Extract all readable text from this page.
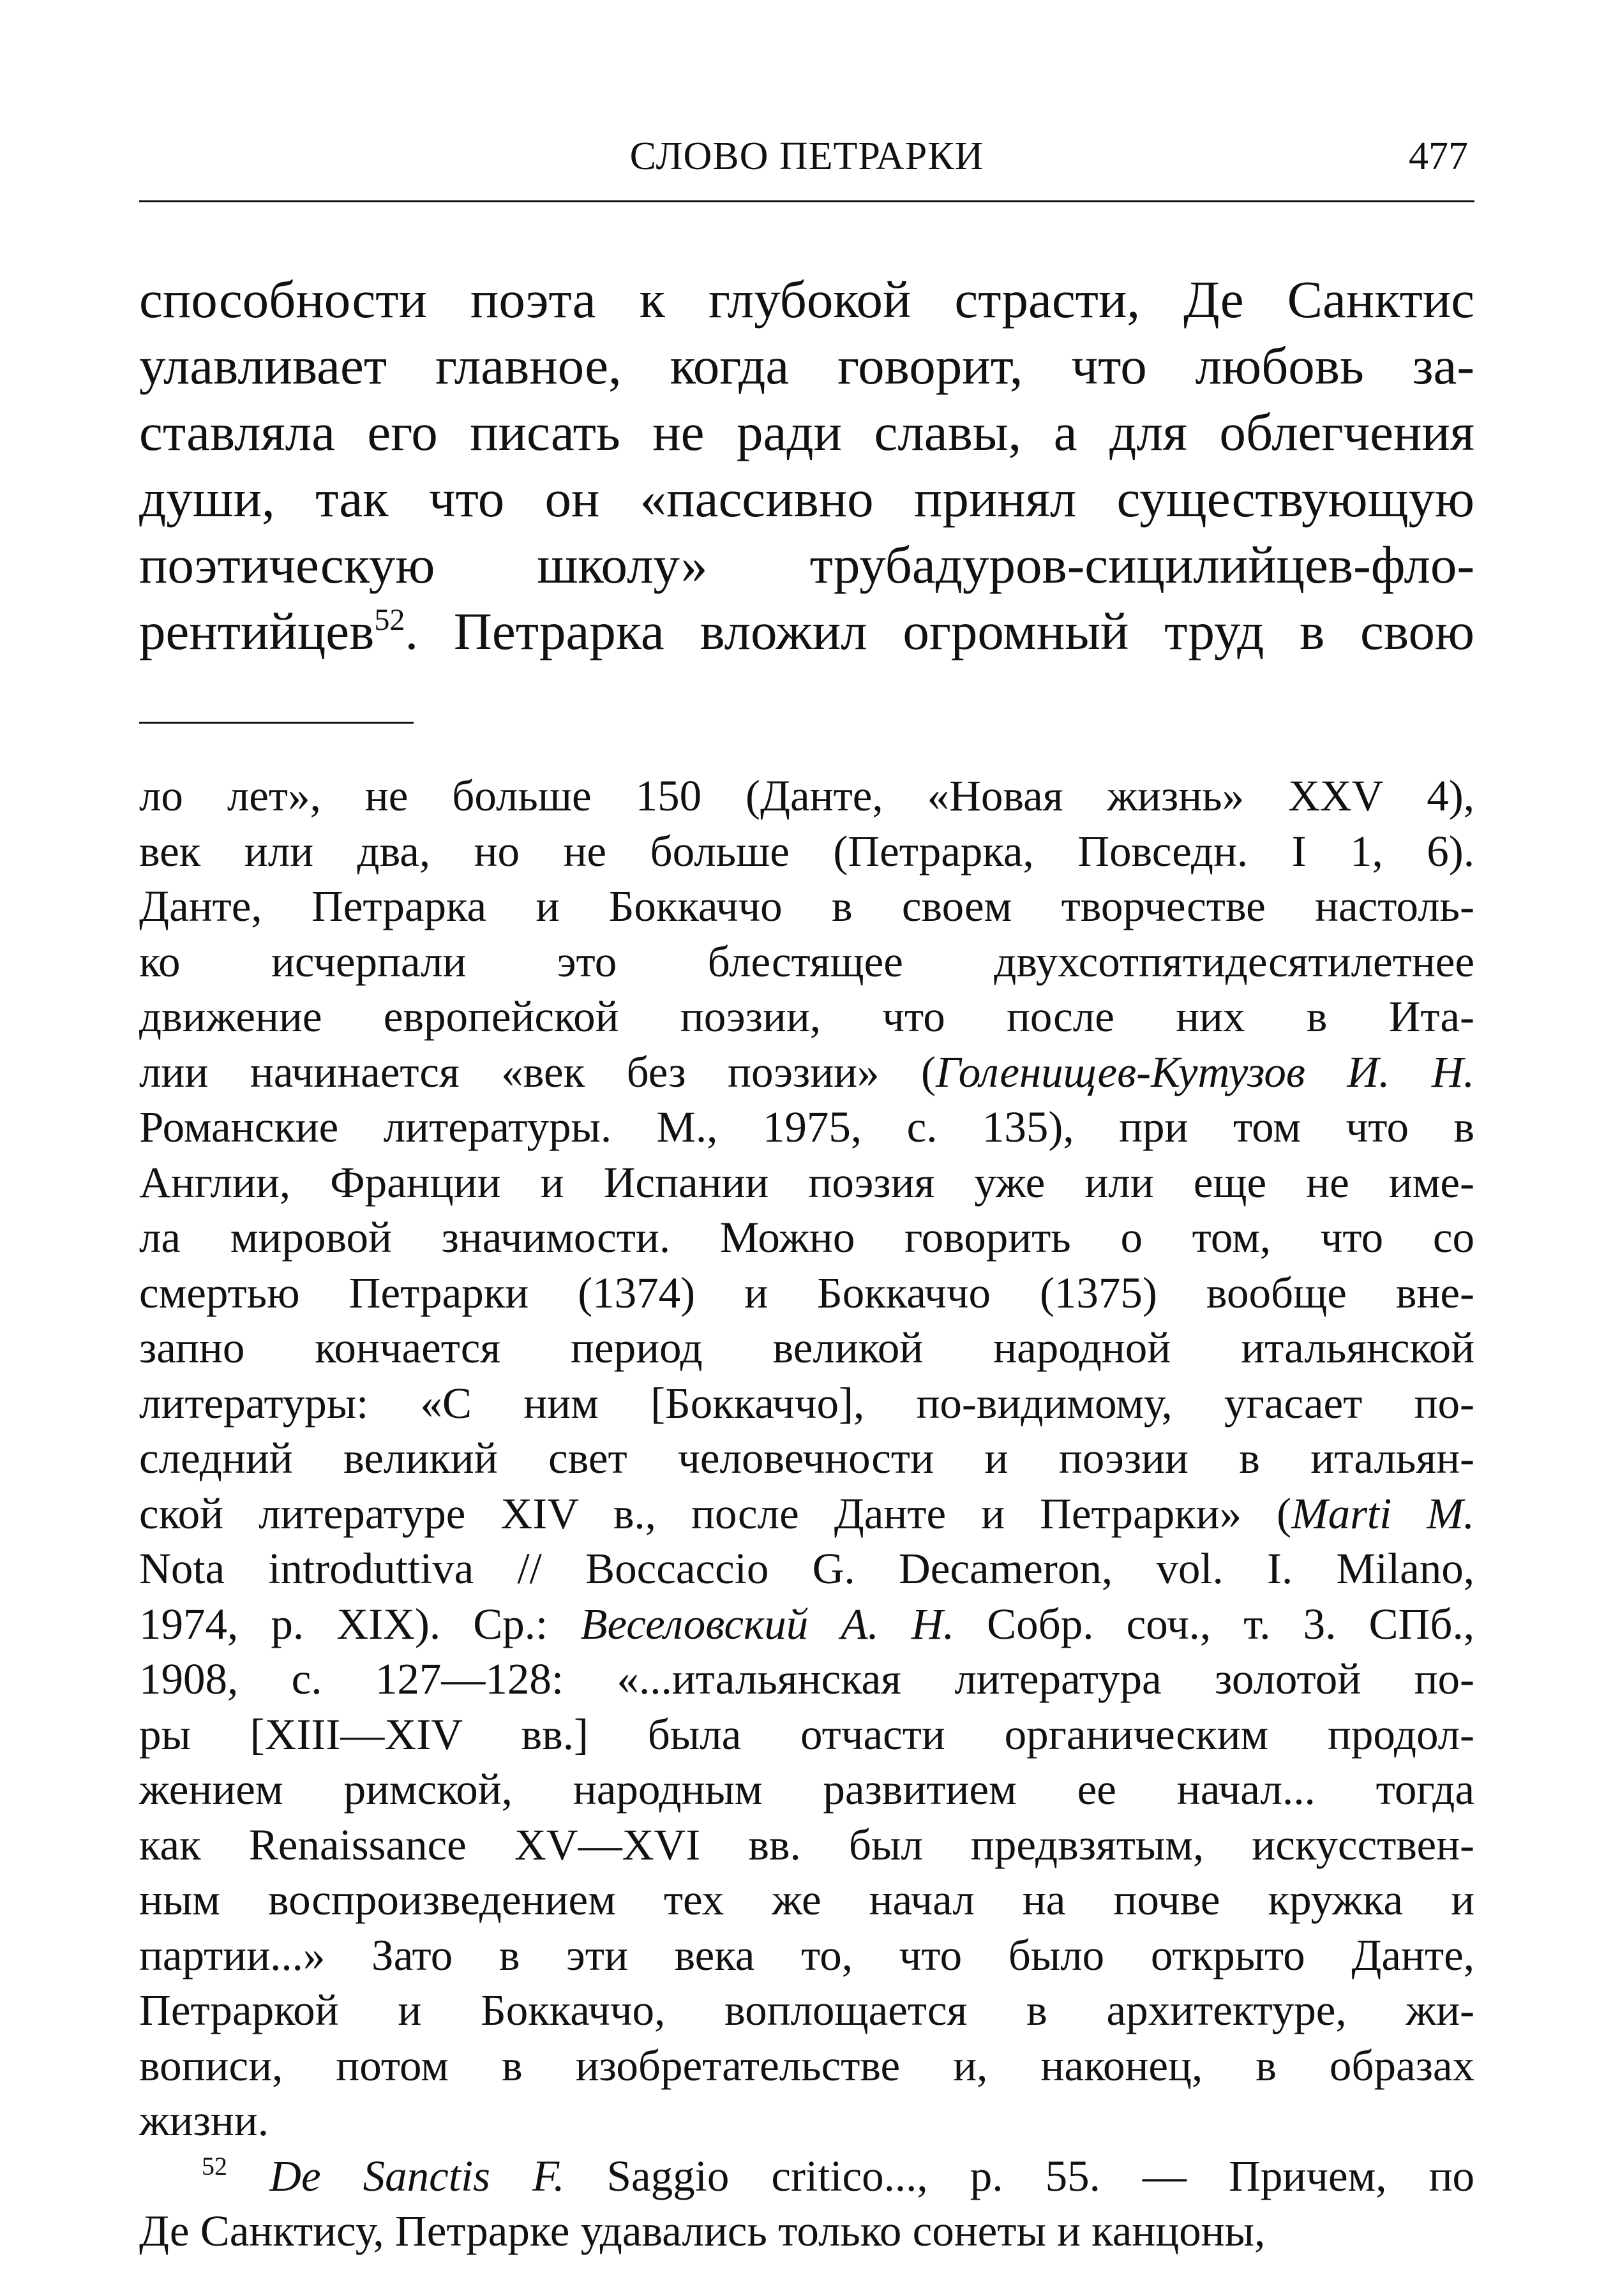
СЛОВО ПЕТРАРКИ	477
способности поэта к глубокой страсти, Де Санктис
улавливает главное, когда говорит, что любовь за-
ставляла его писать не ради славы, а для облегчения
души, так что он «пассивно принял существующую
поэтическую школу» трубадуров-сицилийцев-фло-
рентийцев$^{52}$. Петрарка вложил огромный труд в свою
ло лет», не больше 150 (Данте, «Новая жизнь» XXV 4),
век или два, но не больше (Петрарка, Повседн. I 1, 6).
Данте, Петрарка и Боккаччо в своем творчестве настоль-
ко исчерпали это блестящее двухсотпятидесятилетнее
движение европейской поэзии, что после них в Ита-
лии начинается «век без поэзии» (Голенищев-Кутузов И. Н.
Романские литературы. М., 1975, с. 135), при том что в
Англии, Франции и Испании поэзия уже или еще не име-
ла мировой значимости. Можно говорить о том, что со
смертью Петрарки (1374) и Боккаччо (1375) вообще вне-
запно кончается период великой народной итальянской
литературы: «С ним [Боккаччо], по-видимому, угасает по-
следний великий свет человечности и поэзии в итальян-
ской литературе XIV в., после Данте и Петрарки» (Marti M.
Nota introduttiva // Boccaccio G. Decameron, vol. I. Milano,
1974, p. XIX). Ср.: Веселовский А. Н. Собр. соч., т. 3. СПб.,
1908, с. 127—128: «...итальянская литература золотой по-
ры [XIII—XIV вв.] была отчасти органическим продол-
жением римской, народным развитием ее начал... тогда
как Renaissance XV—XVI вв. был предвзятым, искусствен-
ным воспроизведением тех же начал на почве кружка и
партии...» Зато в эти века то, что было открыто Данте,
Петраркой и Боккаччо, воплощается в архитектуре, жи-
вописи, потом в изобретательстве и, наконец, в образах
жизни.
$^{52}$ De Sanctis F. Saggio critico..., p. 55. — Причем, по
Де Санктису, Петрарке удавались только сонеты и канцоны,
